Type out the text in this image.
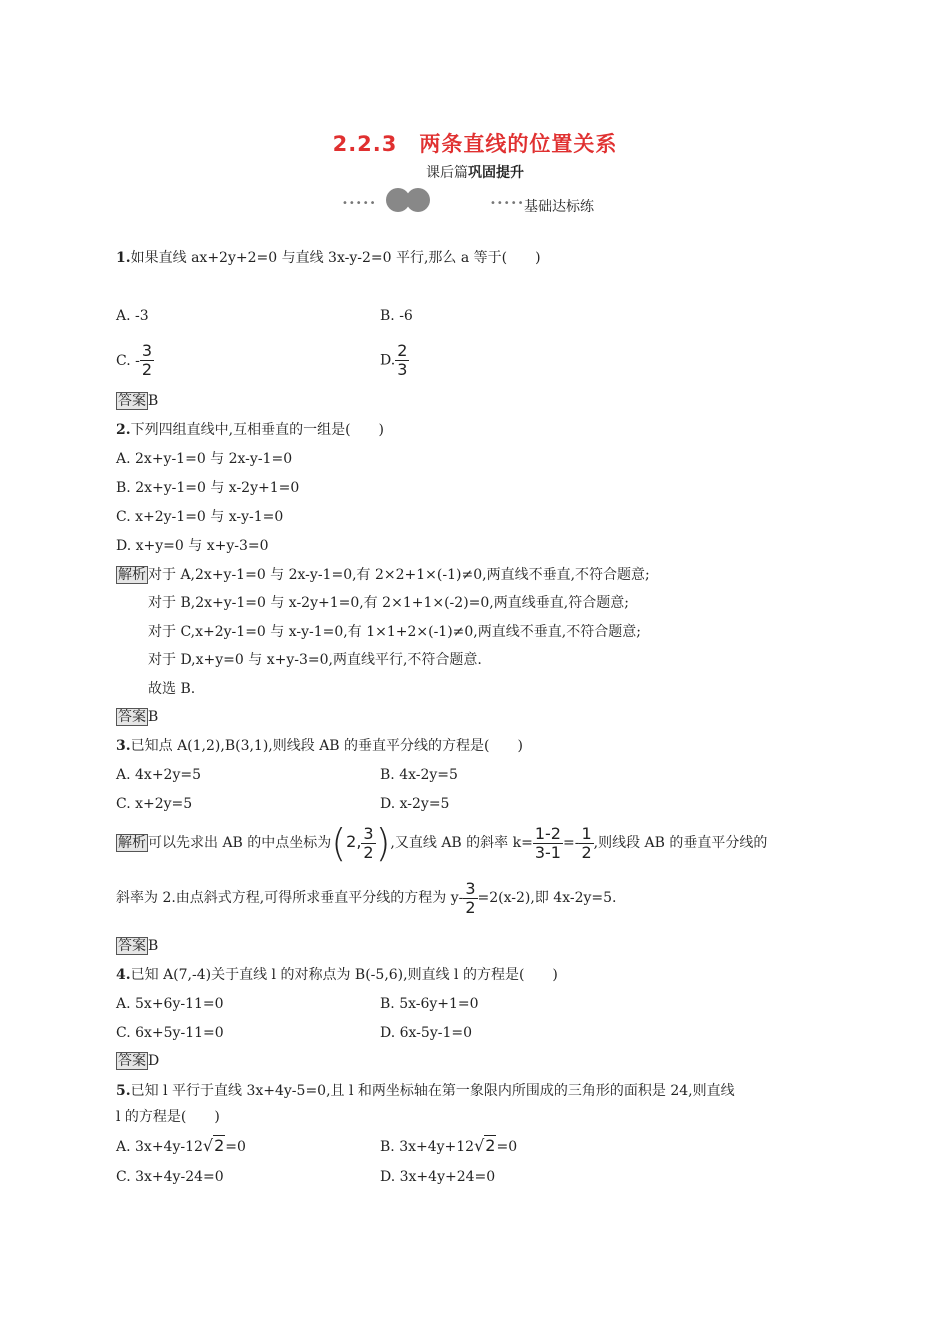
2.2.3　两条直线的位置关系
课后篇巩固提升
•••••	••••• 基础达标练
1.如果直线 ax+2y+2=0 与直线 3x-y-2=0 平行,那么 a 等于(　　)
A. -3	B. -6
C. - $\frac{3}{2}$	D. $\frac{2}{3}$
答案 B
2.下列四组直线中,互相垂直的一组是(　　)
A. 2x+y-1=0 与 2x-y-1=0
B. 2x+y-1=0 与 x-2y+1=0
C. x+2y-1=0 与 x-y-1=0
D. x+y=0 与 x+y-3=0
解析 对于 A,2x+y-1=0 与 2x-y-1=0,有 2×2+1×(-1)≠0,两直线不垂直,不符合题意;
对于 B,2x+y-1=0 与 x-2y+1=0,有 2×1+1×(-2)=0,两直线垂直,符合题意;
对于 C,x+2y-1=0 与 x-y-1=0,有 1×1+2×(-1)≠0,两直线不垂直,不符合题意;
对于 D,x+y=0 与 x+y-3=0,两直线平行,不符合题意.
故选 B.
答案 B
3.已知点 A(1,2),B(3,1),则线段 AB 的垂直平分线的方程是(　　)
A. 4x+2y=5	B. 4x-2y=5
C. x+2y=5	D. x-2y=5
解析 可以先求出 AB 的中点坐标为(2, $\frac{3}{2}$ ),又直线 AB 的斜率 $k= \frac{1-2}{3-1} =- \frac{1}{2}$ ,则线段 AB 的垂直平分线的
斜率为 2.由点斜式方程,可得所求垂直平分线的方程为 $y- \frac{3}{2} =2(x-2)$,即 4x-2y=5.
答案 B
4.已知 A(7,-4)关于直线 l 的对称点为 B(-5,6),则直线 l 的方程是(　　)
A. 5x+6y-11=0	B. 5x-6y+1=0
C. 6x+5y-11=0	D. 6x-5y-1=0
答案 D
5.已知 l 平行于直线 3x+4y-5=0,且 l 和两坐标轴在第一象限内所围成的三角形的面积是 24,则直线
l 的方程是(　　)
A. 3x+4y-12√2=0	B. 3x+4y+12√2=0
C. 3x+4y-24=0	D. 3x+4y+24=0
